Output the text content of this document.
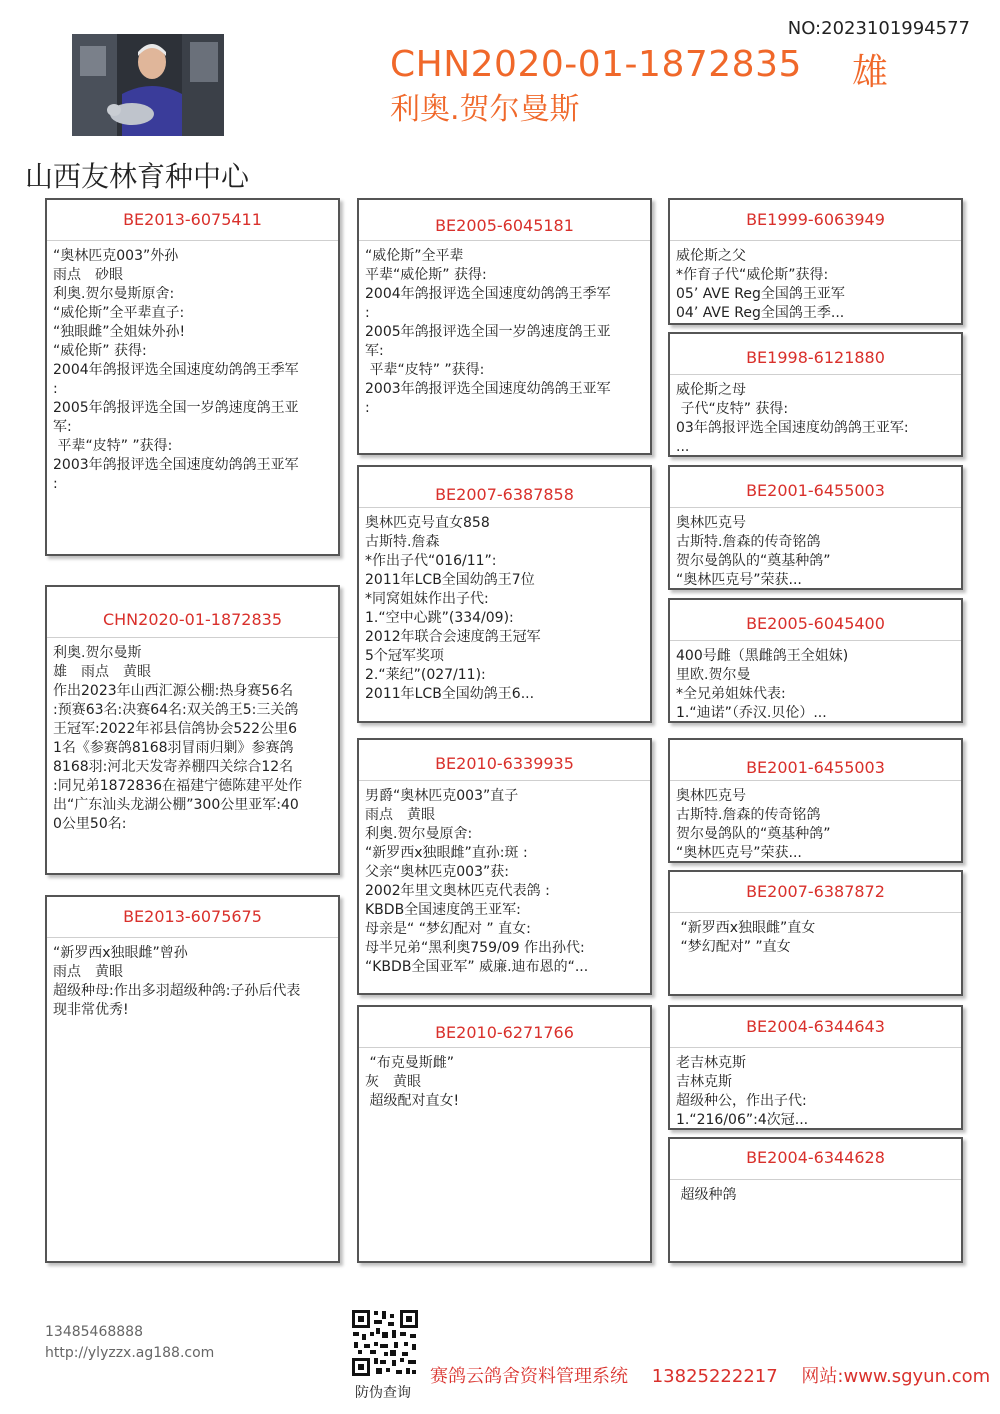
NO:2023101994577
CHN2020-01-1872835 雄
利奥.贺尔曼斯
山西友林育种中心
BE2013-6075411
“奥林匹克003”外孙
雨点　砂眼
利奥.贺尔曼斯原舍:
“威伦斯”全平辈直子:
“独眼雌”全姐妹外孙!
“威伦斯” 获得:
2004年鸽报评选全国速度幼鸽鸽王季军
:
2005年鸽报评选全国一岁鸽速度鸽王亚
军:
平辈“皮特” ”获得:
2003年鸽报评选全国速度幼鸽鸽王亚军
:
CHN2020-01-1872835
利奥.贺尔曼斯
雄　雨点　黄眼
作出2023年山西汇源公棚:热身赛56名
:预赛63名:决赛64名:双关鸽王5:三关鸽
王冠军:2022年祁县信鸽协会522公里6
1名《参赛鸽8168羽冒雨归剿》参赛鸽
8168羽:河北天发寄养棚四关综合12名
:同兄弟1872836在福建宁德陈建平处作
出“广东汕头龙湖公棚”300公里亚军:40
0公里50名:
BE2013-6075675
“新罗西x独眼雌”曾孙
雨点　黄眼
超级种母:作出多羽超级种鸽:子孙后代表
现非常优秀!
BE2005-6045181
“威伦斯”全平辈
平辈“威伦斯” 获得:
2004年鸽报评选全国速度幼鸽鸽王季军
:
2005年鸽报评选全国一岁鸽速度鸽王亚
军:
平辈“皮特” ”获得:
2003年鸽报评选全国速度幼鸽鸽王亚军
:
BE2007-6387858
奥林匹克号直女858
古斯特.詹森
*作出子代“016/11”:
2011年LCB全国幼鸽王7位
*同窝姐妹作出子代:
1.“空中心跳”(334/09):
2012年联合会速度鸽王冠军
5个冠军奖项
2.“莱纪”(027/11):
2011年LCB全国幼鸽王6...
BE2010-6339935
男爵“奥林匹克003”直子
雨点　黄眼
利奥.贺尔曼原舍:
“新罗西x独眼雌”直孙:斑 :
父亲“奥林匹克003”获:
2002年里文奥林匹克代表鸽 :
KBDB全国速度鸽王亚军:
母亲是“ “梦幻配对 ” 直女:
母半兄弟“黑利奥759/09 作出孙代:
“KBDB全国亚军” 威廉.迪布恩的“...
BE2010-6271766
“布克曼斯雌”
灰　黄眼
超级配对直女!
BE1999-6063949
威伦斯之父
*作育子代“威伦斯”获得:
05’ AVE Reg全国鸽王亚军
04’ AVE Reg全国鸽王季...
BE1998-6121880
威伦斯之母
子代“皮特” 获得:
03年鸽报评选全国速度幼鸽鸽王亚军:
...
BE2001-6455003
奥林匹克号
古斯特.詹森的传奇铭鸽
贺尔曼鸽队的“奠基种鸽”
“奥林匹克号”荣获...
BE2005-6045400
400号雌（黑雌鸽王全姐妹)
里欧.贺尔曼
*全兄弟姐妹代表:
1.“迪诺”（乔汉.贝伦）...
BE2001-6455003
奥林匹克号
古斯特.詹森的传奇铭鸽
贺尔曼鸽队的“奠基种鸽”
“奥林匹克号”荣获...
BE2007-6387872
“新罗西x独眼雌”直女
“梦幻配对” ”直女
BE2004-6344643
老吉林克斯
吉林克斯
超级种公，作出子代:
1.“216/06”:4次冠...
BE2004-6344628
超级种鸽
13485468888
http://ylyzzx.ag188.com
防伪查询
赛鸽云鸽舍资料管理系统　 13825222217　 网站:www.sgyun.com
